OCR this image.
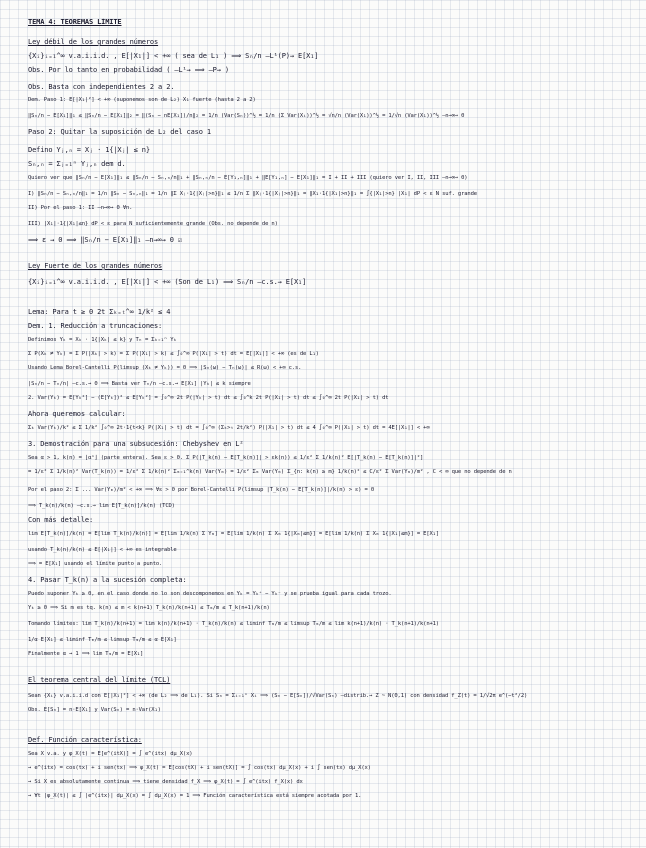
TEMA 4: TEOREMAS LÍMITE
Ley débil de los grandes números
{Xᵢ}ᵢ₌₁^∞ v.a.i.i.d. , E[|X₁|] < +∞ ( sea de L₁ ) ⟹ Sₙ/n —L¹(P)→ E[X₁]
Obs. Por lo tanto en probabilidad ( —L¹→ ⟹ —P→ )
Obs. Basta con independientes 2 a 2.
Dem. Paso 1: E[|X₁|²] < +∞ (suponemos son de L₂) X₁ fuerte (hasta 2 a 2)
‖Sₙ/n − E[X₁]‖₁ ≤ ‖Sₙ/n − E[X₁]‖₂ = ‖(Sₙ − nE[X₁])/n‖₂ = 1/n (Var(Sₙ))^½ = 1/n (Σ Var(Xᵢ))^½ = √n/n (Var(X₁))^½ = 1/√n (Var(X₁))^½ —n→∞→ 0
Paso 2: Quitar la suposición de L₂ del caso 1
Defino Yⱼ,ₙ = Xⱼ · 1{|Xⱼ| ≤ n}
Sₙ,ₙ = Σⱼ₌₁ⁿ Yⱼ,ₙ dem d.
Quiero ver que ‖Sₙ/n − E[X₁]‖₁ ≤ ‖Sₙ/n − Sₙ,ₙ/n‖₁ + ‖Sₙ,ₙ/n − E[Y₁,ₙ]‖₁ + ‖E[Y₁,ₙ] − E[X₁]‖₁ = I + II + III (quiero ver I, II, III —n→∞→ 0)
I) ‖Sₙ/n − Sₙ,ₙ/n‖₁ = 1/n ‖Sₙ − Sₙ,ₙ‖₁ = 1/n ‖Σ Xⱼ·1{|Xⱼ|>n}‖₁ ≤ 1/n Σ ‖Xⱼ·1{|Xⱼ|>n}‖₁ = ‖X₁·1{|X₁|>n}‖₁ = ∫{|X₁|>n} |X₁| dP < ε N suf. grande
II) Por el paso 1: II —n→∞→ 0 ∀n.
III) |X₁|·1{|X₁|≤n} dP < ε para N suficientemente grande (Obs. no depende de n)
⟹ ε → 0 ⟹ ‖Sₙ/n − E[X₁]‖₁ —n→∞→ 0 ☑
Ley Fuerte de los grandes números
{Xᵢ}ᵢ₌₁^∞ v.a.i.i.d. , E[|X₁|] < +∞ (Son de L₁) ⟹ Sₙ/n —c.s.→ E[X₁]
Lema: Para t ≥ 0 2t Σₖ₌ₜ^∞ 1/k² ≤ 4
Dem. 1. Reducción a truncaciones:
Definimos Yₖ = Xₖ · 1{|Xₖ| ≤ k} y Tₙ = Σₖ₌₁ⁿ Yₖ
Σ P(Xₖ ≠ Yₖ) = Σ P(|Xₖ| > k) = Σ P(|X₁| > k) ≤ ∫₀^∞ P(|X₁| > t) dt = E[|X₁|] < +∞ (es de L₁)
Usando Lema Borel-Cantelli P(limsup (Xₖ ≠ Yₖ)) = 0 ⟹ |Sₙ(ω) − Tₙ(ω)| ≤ R(ω) < +∞ c.s.
|Sₙ/n − Tₙ/n| —c.s.→ 0 ⟹ Basta ver Tₙ/n —c.s.→ E[X₁] |Yₖ| ≤ k siempre
2. Var(Yₖ) = E[Yₖ²] − (E[Yₖ])² ≤ E[Yₖ²] = ∫₀^∞ 2t P(|Yₖ| > t) dt ≤ ∫₀^k 2t P(|X₁| > t) dt ≤ ∫₀^∞ 2t P(|X₁| > t) dt
Ahora queremos calcular:
Σₖ Var(Yₖ)/k² ≤ Σ 1/k² ∫₀^∞ 2t·1{t<k} P(|X₁| > t) dt = ∫₀^∞ (Σₖ>ₜ 2t/k²) P(|X₁| > t) dt ≤ 4 ∫₀^∞ P(|X₁| > t) dt = 4E[|X₁|] < +∞
3. Demostración para una subsucesión: Chebyshev en L²
Sea α > 1, k(n) = ⌊αⁿ⌋ (parte entera). Sea ε > 0. Σ P(|T_k(n) − E[T_k(n)]| > εk(n)) ≤ 1/ε² Σ 1/k(n)² E[|T_k(n) − E[T_k(n)]|²]
= 1/ε² Σ 1/k(n)² Var(T_k(n)) = 1/ε² Σ 1/k(n)² Σₘ₌₁^k(n) Var(Yₘ) = 1/ε² Σₘ Var(Yₘ) Σ_{n: k(n) ≥ m} 1/k(n)² ≤ C/ε² Σ Var(Yₘ)/m² , C < ∞ que no depende de n
Por el paso 2: Σ ... Var(Yₘ)/m² < +∞ ⟹ ∀ε > 0 por Borel-Cantelli P(limsup |T_k(n) − E[T_k(n)]|/k(n) > ε) = 0
⟹ T_k(n)/k(n) —c.s.→ lim E[T_k(n)]/k(n) (TCD)
Con más detalle:
lim E[T_k(n)]/k(n) = E[lim T_k(n)/k(n)] = E[lim 1/k(n) Σ Yₘ] = E[lim 1/k(n) Σ Xₘ 1{|Xₘ|≤m}] = E[lim 1/k(n) Σ Xₘ 1{|X₁|≤m}] = E[X₁]
usando T_k(n)/k(n) ≤ E[|X₁|] < +∞ es integrable
⟹ = E[X₁] usando el límite punto a punto.
4. Pasar T_k(n) a la sucesión completa:
Puedo suponer Yₖ ≥ 0, en el caso donde no lo son descomponemos en Yₖ = Yₖ⁺ − Yₖ⁻ y se prueba igual para cada trozo.
Yₖ ≥ 0 ⟹ Si m es tq. k(n) ≤ m < k(n+1) T_k(n)/k(n+1) ≤ Tₘ/m ≤ T_k(n+1)/k(n)
Tomando límites: lim T_k(n)/k(n+1) = lim k(n)/k(n+1) · T_k(n)/k(n) ≤ liminf Tₘ/m ≤ limsup Tₘ/m ≤ lim k(n+1)/k(n) · T_k(n+1)/k(n+1)
1/α E[X₁] ≤ liminf Tₘ/m ≤ limsup Tₘ/m ≤ α E[X₁]
Finalmente α → 1 ⟹ lim Tₘ/m = E[X₁]
El teorema central del límite (TCL)
Sean {Xᵢ} v.a.i.i.d con E[|X₁|²] < +∞ (de L₂ ⟹ de L₁). Si Sₙ = Σᵢ₌₁ⁿ Xᵢ ⟹ (Sₙ − E[Sₙ])/√Var(Sₙ) —distrib.→ Z ~ N(0,1) con densidad f_Z(t) = 1/√2π e^(−t²/2)
Obs. E[Sₙ] = n·E[X₁] y Var(Sₙ) = n·Var(X₁)
Def. Función característica:
Sea X v.a. y φ_X(t) = E[e^(itX)] = ∫ e^(itx) dμ_X(x)
→ e^(itx) = cos(tx) + i sen(tx) ⟹ φ_X(t) = E[cos(tX) + i sen(tX)] = ∫ cos(tx) dμ_X(x) + i ∫ sen(tx) dμ_X(x)
→ Si X es absolutamente continua ⟹ tiene densidad f_X ⟹ φ_X(t) = ∫ e^(itx) f_X(x) dx
→ ∀t |φ_X(t)| ≤ ∫ |e^(itx)| dμ_X(x) = ∫ dμ_X(x) = 1 ⟹ Función característica está siempre acotada por 1.
